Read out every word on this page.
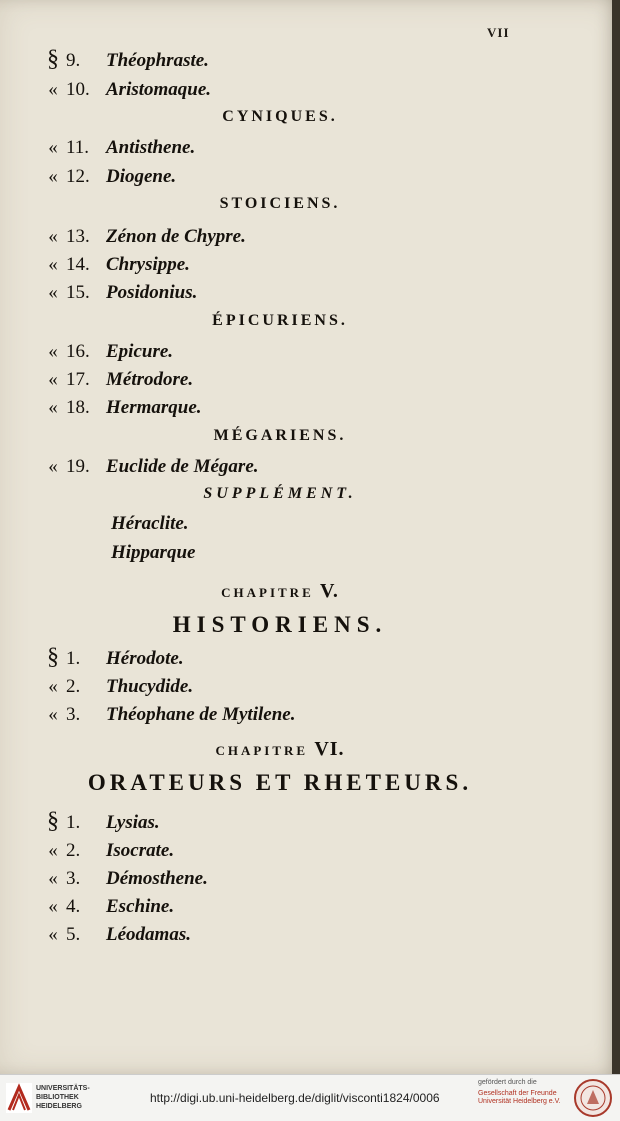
VII
§ 9.	Théophraste.
« 10. Aristomaque.
CYNIQUES.
« 11. Antisthene.
« 12. Diogene.
STOICIENS.
« 13. Zénon de Chypre.
« 14. Chrysippe.
« 15. Posidonius.
ÉPICURIENS.
« 16. Epicure.
« 17. Métrodore.
« 18. Hermarque.
MÉGARIENS.
« 19. Euclide de Mégare.
SUPPLÉMENT.
Héraclite.
Hipparque
CHAPITRE V.
HISTORIENS.
§ 1.	Hérodote.
« 2.	Thucydide.
« 3.	Théophane de Mytilene.
CHAPITRE VI.
ORATEURS ET RHETEURS.
§ 1.	Lysias.
« 2.	Isocrate.
« 3.	Démosthene.
« 4.	Eschine.
« 5.	Léodamas.
UNIVERSITÄTS-
BIBLIOTHEK
HEIDELBERG
http://digi.ub.uni-heidelberg.de/diglit/visconti1824/0006
gefördert durch die
Gesellschaft der Freunde
Universität Heidelberg e.V.
